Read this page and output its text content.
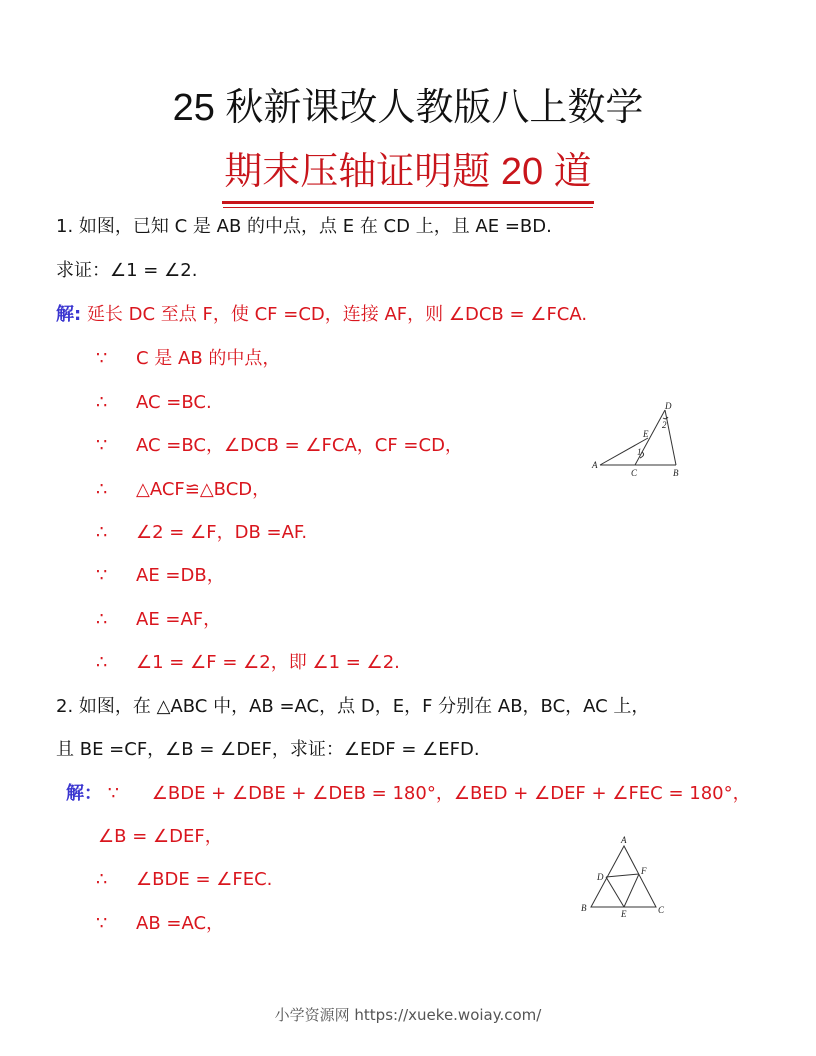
25 秋新课改人教版八上数学
期末压轴证明题 20 道
1. 如图，已知 C 是 AB 的中点，点 E 在 CD 上，且 AE =BD.
求证：∠1 = ∠2.
解: 延长 DC 至点 F，使 CF =CD，连接 AF，则 ∠DCB = ∠FCA.
∵ C 是 AB 的中点，
∴ AC =BC.
∵ AC =BC，∠DCB = ∠FCA，CF =CD，
∴ △ACF≌△BCD，
∴ ∠2 = ∠F，DB =AF.
∵ AE =DB，
∴ AE =AF，
∴ ∠1 = ∠F = ∠2，即 ∠1 = ∠2.
A
C	B
D
E
1
2
2. 如图，在 △ABC 中，AB =AC，点 D，E，F 分别在 AB，BC，AC 上，
且 BE =CF，∠B = ∠DEF，求证：∠EDF = ∠EFD.
解： ∵ ∠BDE + ∠DBE + ∠DEB = 180°，∠BED + ∠DEF + ∠FEC = 180°，
∠B = ∠DEF，
∴ ∠BDE = ∠FEC.
∵ AB =AC，
A
B	C
D
E
F
小学资源网 https://xueke.woiay.com/
